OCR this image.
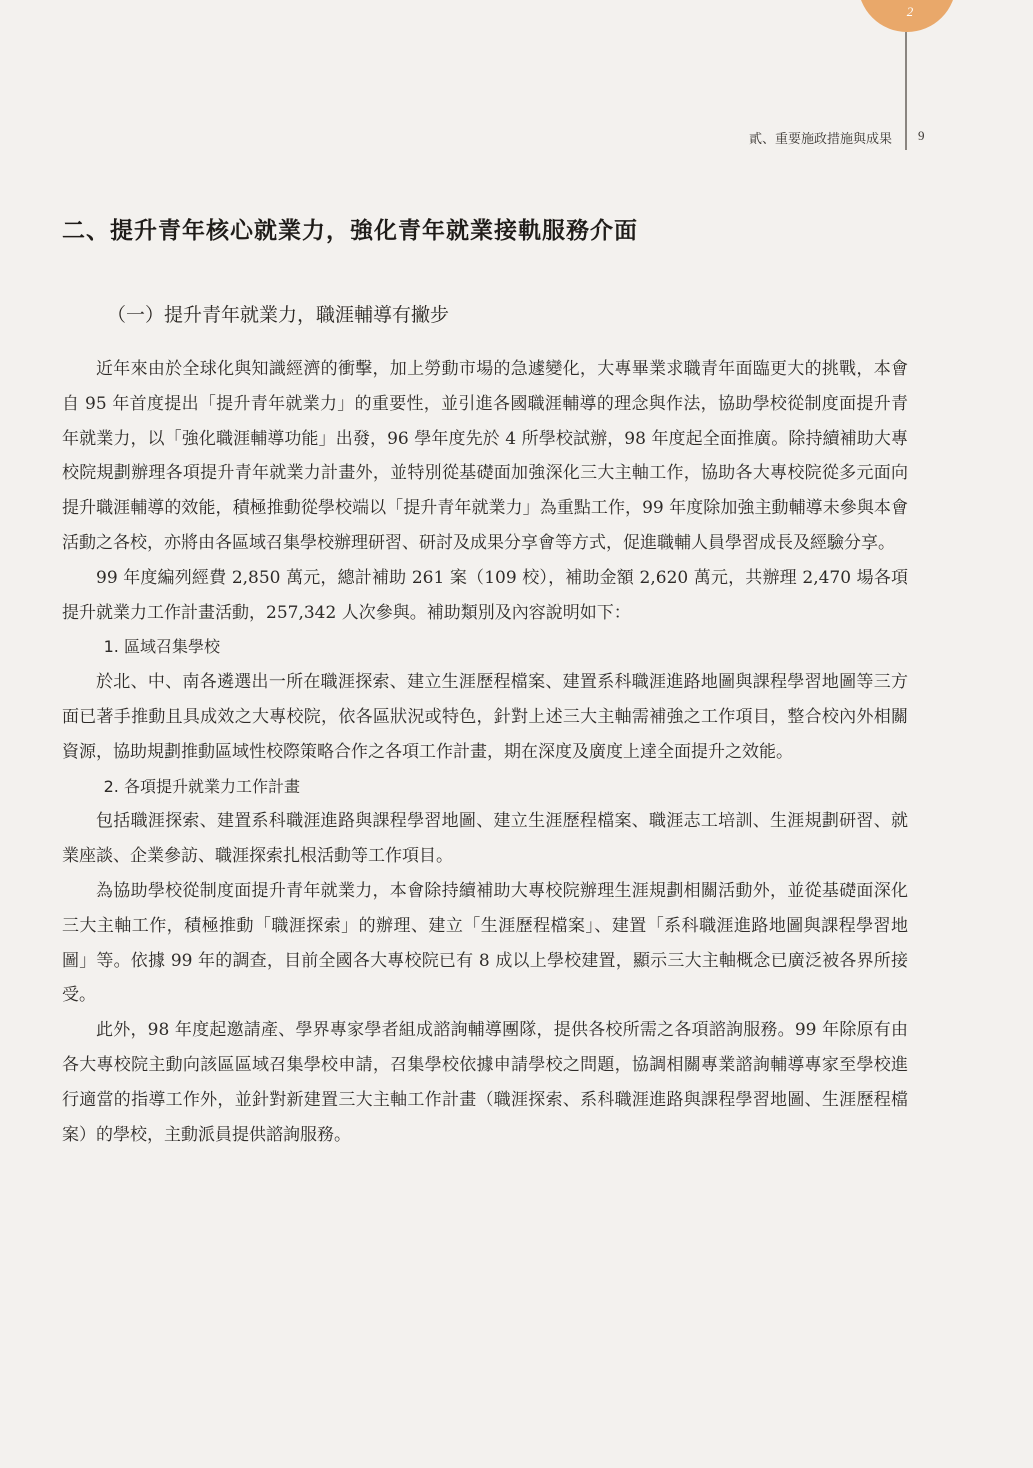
2
貳、重要施政措施與成果 9
二、提升青年核心就業力，強化青年就業接軌服務介面
（一）提升青年就業力，職涯輔導有撇步

近年來由於全球化與知識經濟的衝擊，加上勞動市場的急遽變化，大專畢業求職青年面臨更大的挑戰，本會自 95 年首度提出「提升青年就業力」的重要性，並引進各國職涯輔導的理念與作法，協助學校從制度面提升青年就業力，以「強化職涯輔導功能」出發，96 學年度先於 4 所學校試辦，98 年度起全面推廣。除持續補助大專校院規劃辦理各項提升青年就業力計畫外，並特別從基礎面加強深化三大主軸工作，協助各大專校院從多元面向提升職涯輔導的效能，積極推動從學校端以「提升青年就業力」為重點工作，99 年度除加強主動輔導未參與本會活動之各校，亦將由各區域召集學校辦理研習、研討及成果分享會等方式，促進職輔人員學習成長及經驗分享。

99 年度編列經費 2,850 萬元，總計補助 261 案（109 校），補助金額 2,620 萬元，共辦理 2,470 場各項提升就業力工作計畫活動，257,342 人次參與。補助類別及內容說明如下：

1. 區域召集學校

於北、中、南各遴選出一所在職涯探索、建立生涯歷程檔案、建置系科職涯進路地圖與課程學習地圖等三方面已著手推動且具成效之大專校院，依各區狀況或特色，針對上述三大主軸需補強之工作項目，整合校內外相關資源，協助規劃推動區域性校際策略合作之各項工作計畫，期在深度及廣度上達全面提升之效能。

2. 各項提升就業力工作計畫

包括職涯探索、建置系科職涯進路與課程學習地圖、建立生涯歷程檔案、職涯志工培訓、生涯規劃研習、就業座談、企業參訪、職涯探索扎根活動等工作項目。

為協助學校從制度面提升青年就業力，本會除持續補助大專校院辦理生涯規劃相關活動外，並從基礎面深化三大主軸工作，積極推動「職涯探索」的辦理、建立「生涯歷程檔案」、建置「系科職涯進路地圖與課程學習地圖」等。依據 99 年的調查，目前全國各大專校院已有 8 成以上學校建置，顯示三大主軸概念已廣泛被各界所接受。

此外，98 年度起邀請產、學界專家學者組成諮詢輔導團隊，提供各校所需之各項諮詢服務。99 年除原有由各大專校院主動向該區區域召集學校申請，召集學校依據申請學校之問題，協調相關專業諮詢輔導專家至學校進行適當的指導工作外，並針對新建置三大主軸工作計畫（職涯探索、系科職涯進路與課程學習地圖、生涯歷程檔案）的學校，主動派員提供諮詢服務。
